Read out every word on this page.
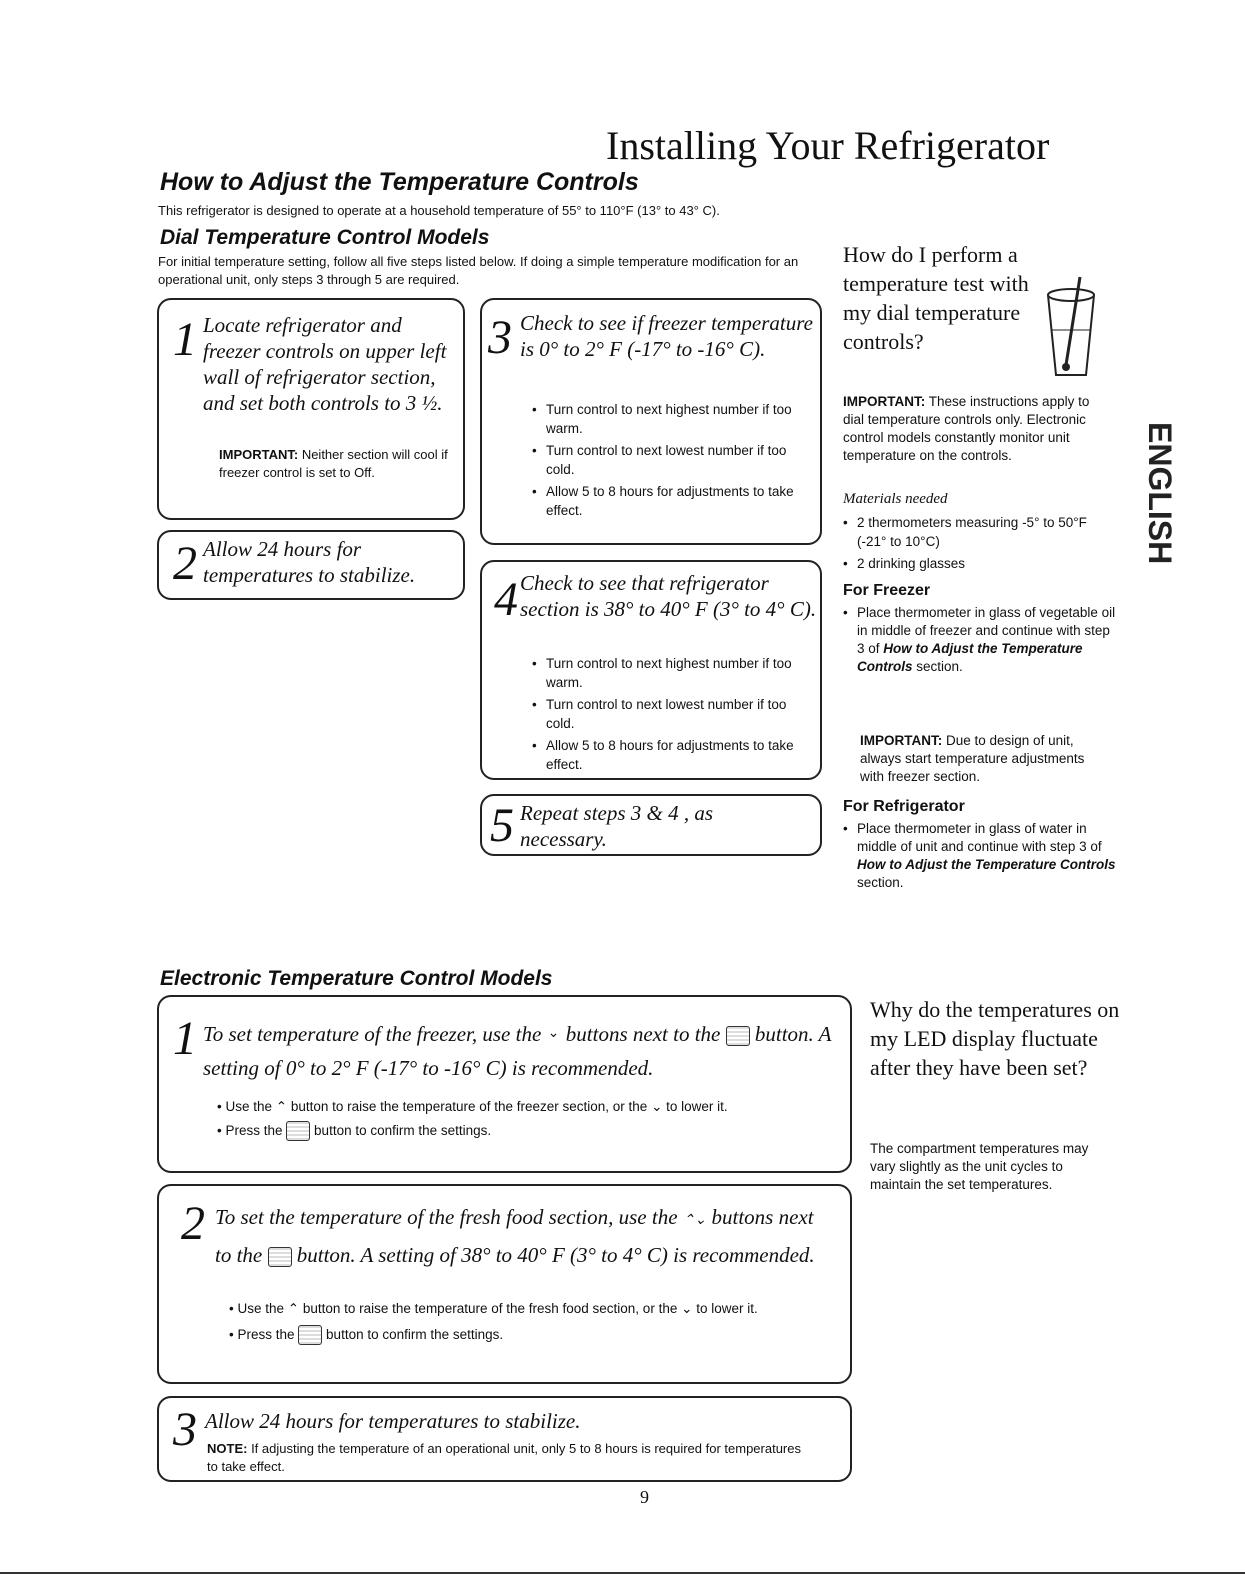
Installing Your Refrigerator
How to Adjust the Temperature Controls
This refrigerator is designed to operate at a household temperature of 55° to 110°F (13° to 43° C).
Dial Temperature Control Models
For initial temperature setting, follow all five steps listed below. If doing a simple temperature modification for an operational unit, only steps 3 through 5 are required.
1 Locate refrigerator and freezer controls on upper left wall of refrigerator section, and set both controls to 3 ½.
IMPORTANT: Neither section will cool if freezer control is set to Off.
2 Allow 24 hours for temperatures to stabilize.
3 Check to see if freezer temperature is 0° to 2° F (-17° to -16° C).
• Turn control to next highest number if too warm.
• Turn control to next lowest number if too cold.
• Allow 5 to 8 hours for adjustments to take effect.
4 Check to see that refrigerator section is 38° to 40° F (3° to 4° C).
• Turn control to next highest number if too warm.
• Turn control to next lowest number if too cold.
• Allow 5 to 8 hours for adjustments to take effect.
5 Repeat steps 3 & 4 , as necessary.
How do I perform a temperature test with my dial temperature controls?
IMPORTANT: These instructions apply to dial temperature controls only. Electronic control models constantly monitor unit temperature on the controls.
Materials needed
• 2 thermometers measuring -5° to 50°F (-21° to 10°C)
• 2 drinking glasses
For Freezer
• Place thermometer in glass of vegetable oil in middle of freezer and continue with step 3 of How to Adjust the Temperature Controls section.
IMPORTANT: Due to design of unit, always start temperature adjustments with freezer section.
For Refrigerator
• Place thermometer in glass of water in middle of unit and continue with step 3 of How to Adjust the Temperature Controls section.
ENGLISH
Electronic Temperature Control Models
1 To set temperature of the freezer, use the ⌄ buttons next to the button. A setting of 0° to 2° F (-17° to -16° C) is recommended.
• Use the ⌃ button to raise the temperature of the freezer section, or the ⌄ to lower it.
• Press the button to confirm the settings.
2 To set the temperature of the fresh food section, use the ⌃⌄ buttons next to the button. A setting of 38° to 40° F (3° to 4° C) is recommended.
• Use the ⌃ button to raise the temperature of the fresh food section, or the ⌄ to lower it.
• Press the button to confirm the settings.
3 Allow 24 hours for temperatures to stabilize.
NOTE: If adjusting the temperature of an operational unit, only 5 to 8 hours is required for temperatures to take effect.
Why do the temperatures on my LED display fluctuate after they have been set?
The compartment temperatures may vary slightly as the unit cycles to maintain the set temperatures.
9
